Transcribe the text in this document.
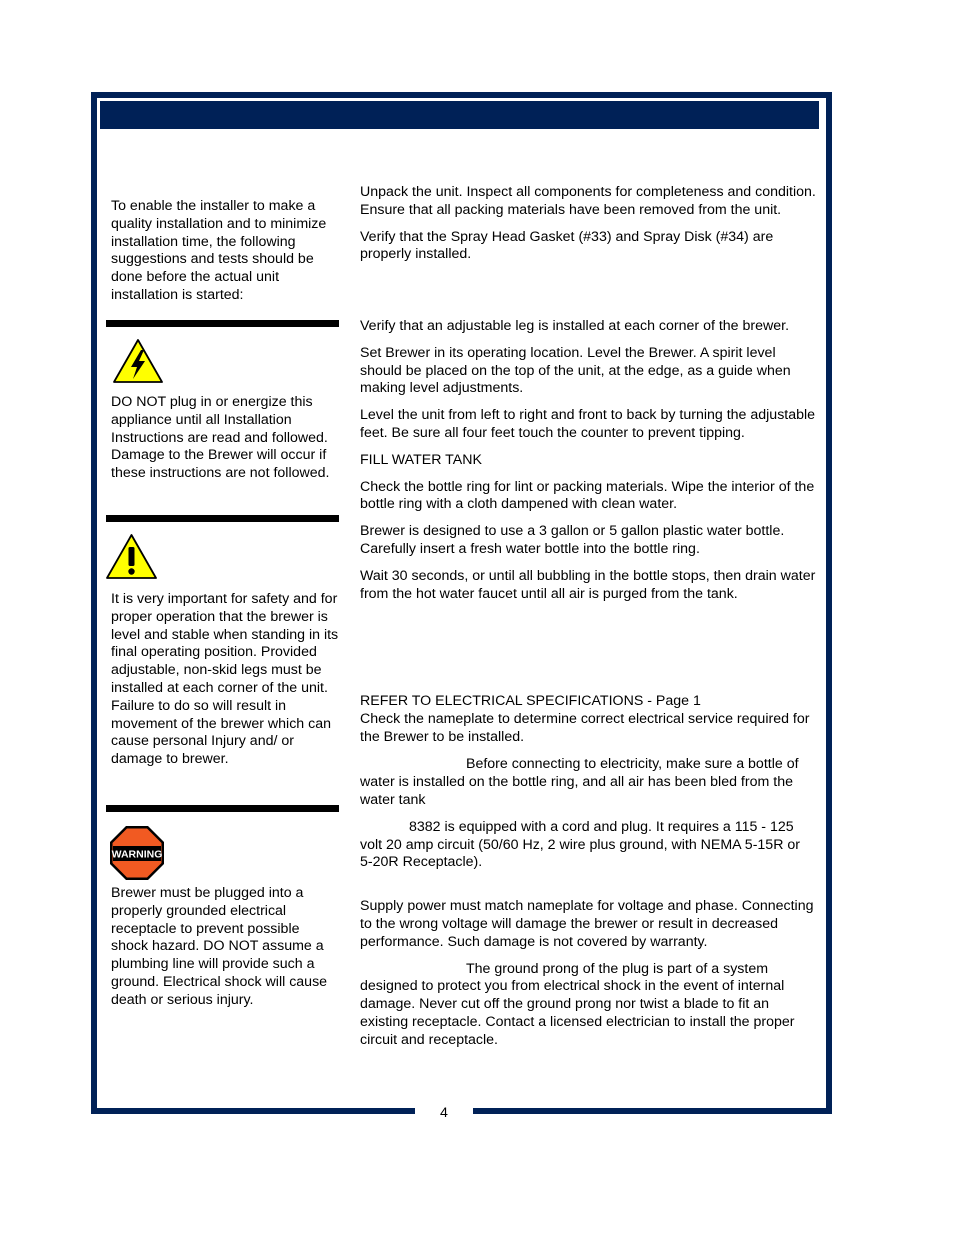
4

To enable the installer to make a quality installation and to minimize installation time, the following suggestions and tests should be done before the actual unit installation is started:

DO NOT plug in or energize this appliance until all Installation Instructions are read and followed. Damage to the Brewer will occur if these instructions are not followed.

It is very important for safety and for proper operation that the brewer is level and stable when standing in its final operating position. Provided adjustable, non-skid legs must be installed at each corner of the unit. Failure to do so will result in movement of the brewer which can cause personal Injury and/ or damage to brewer.

WARNING

Brewer must be plugged into a properly grounded electrical receptacle to prevent possible shock hazard. DO NOT assume a plumbing line will provide such a ground. Electrical shock will cause death or serious injury.

Unpack the unit. Inspect all components for completeness and condition. Ensure that all packing materials have been removed from the unit.

Verify that the Spray Head Gasket (#33) and Spray Disk (#34) are properly installed.

Verify that an adjustable leg is installed at each corner of the brewer.

Set Brewer in its operating location. Level the Brewer. A spirit level should be placed on the top of the unit, at the edge, as a guide when making level adjustments.

Level the unit from left to right and front to back by turning the adjustable feet. Be sure all four feet touch the counter to prevent tipping.

FILL WATER TANK

Check the bottle ring for lint or packing materials. Wipe the interior of the bottle ring with a cloth dampened with clean water.

Brewer is designed to use a 3 gallon or 5 gallon plastic water bottle. Carefully insert a fresh water bottle into the bottle ring.

Wait 30 seconds, or until all bubbling in the bottle stops, then drain water from the hot water faucet until all air is purged from the tank.

REFER TO ELECTRICAL SPECIFICATIONS - Page 1

Check the nameplate to determine correct electrical service required for the Brewer to be installed.

Before connecting to electricity, make sure a bottle of water is installed on the bottle ring, and all air has been bled from the water tank

8382 is equipped with a cord and plug. It requires a 115 - 125 volt 20 amp circuit (50/60 Hz, 2 wire plus ground, with NEMA 5-15R or 5-20R Receptacle).

Supply power must match nameplate for voltage and phase. Connecting to the wrong voltage will damage the brewer or result in decreased performance. Such damage is not covered by warranty.

The ground prong of the plug is part of a system designed to protect you from electrical shock in the event of internal damage. Never cut off the ground prong nor twist a blade to fit an existing receptacle. Contact a licensed electrician to install the proper circuit and receptacle.
